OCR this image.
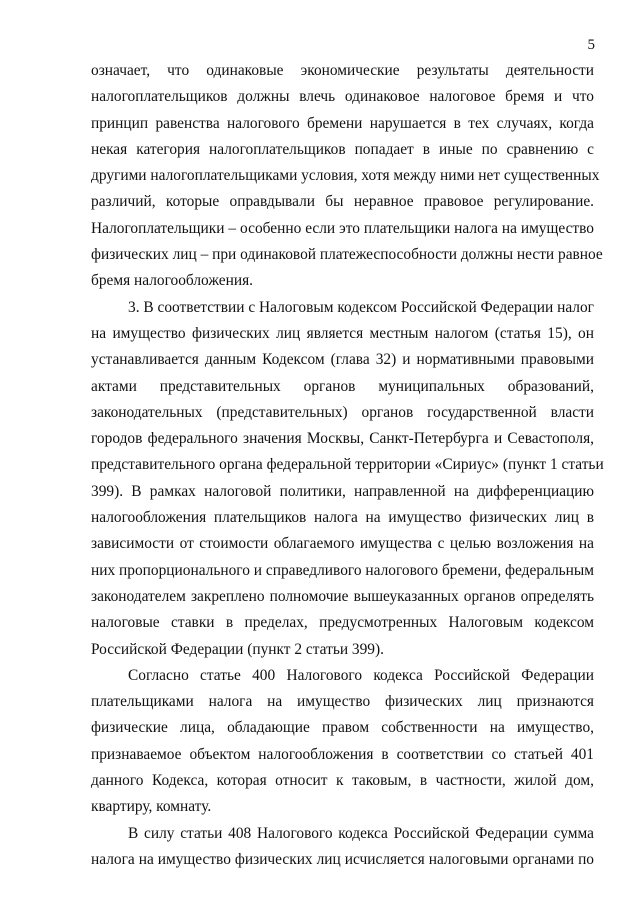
5

означает, что одинаковые экономические результаты деятельности
налогоплательщиков должны влечь одинаковое налоговое бремя и что
принцип равенства налогового бремени нарушается в тех случаях, когда
некая категория налогоплательщиков попадает в иные по сравнению с
другими налогоплательщиками условия, хотя между ними нет существенных
различий, которые оправдывали бы неравное правовое регулирование.
Налогоплательщики – особенно если это плательщики налога на имущество
физических лиц – при одинаковой платежеспособности должны нести равное
бремя налогообложения.

3. В соответствии с Налоговым кодексом Российской Федерации налог
на имущество физических лиц является местным налогом (статья 15), он
устанавливается данным Кодексом (глава 32) и нормативными правовыми
актами представительных органов муниципальных образований,
законодательных (представительных) органов государственной власти
городов федерального значения Москвы, Санкт-Петербурга и Севастополя,
представительного органа федеральной территории «Сириус» (пункт 1 статьи
399). В рамках налоговой политики, направленной на дифференциацию
налогообложения плательщиков налога на имущество физических лиц в
зависимости от стоимости облагаемого имущества с целью возложения на
них пропорционального и справедливого налогового бремени, федеральным
законодателем закреплено полномочие вышеуказанных органов определять
налоговые ставки в пределах, предусмотренных Налоговым кодексом
Российской Федерации (пункт 2 статьи 399).

Согласно статье 400 Налогового кодекса Российской Федерации
плательщиками налога на имущество физических лиц признаются
физические лица, обладающие правом собственности на имущество,
признаваемое объектом налогообложения в соответствии со статьей 401
данного Кодекса, которая относит к таковым, в частности, жилой дом,
квартиру, комнату.

В силу статьи 408 Налогового кодекса Российской Федерации сумма
налога на имущество физических лиц исчисляется налоговыми органами по
